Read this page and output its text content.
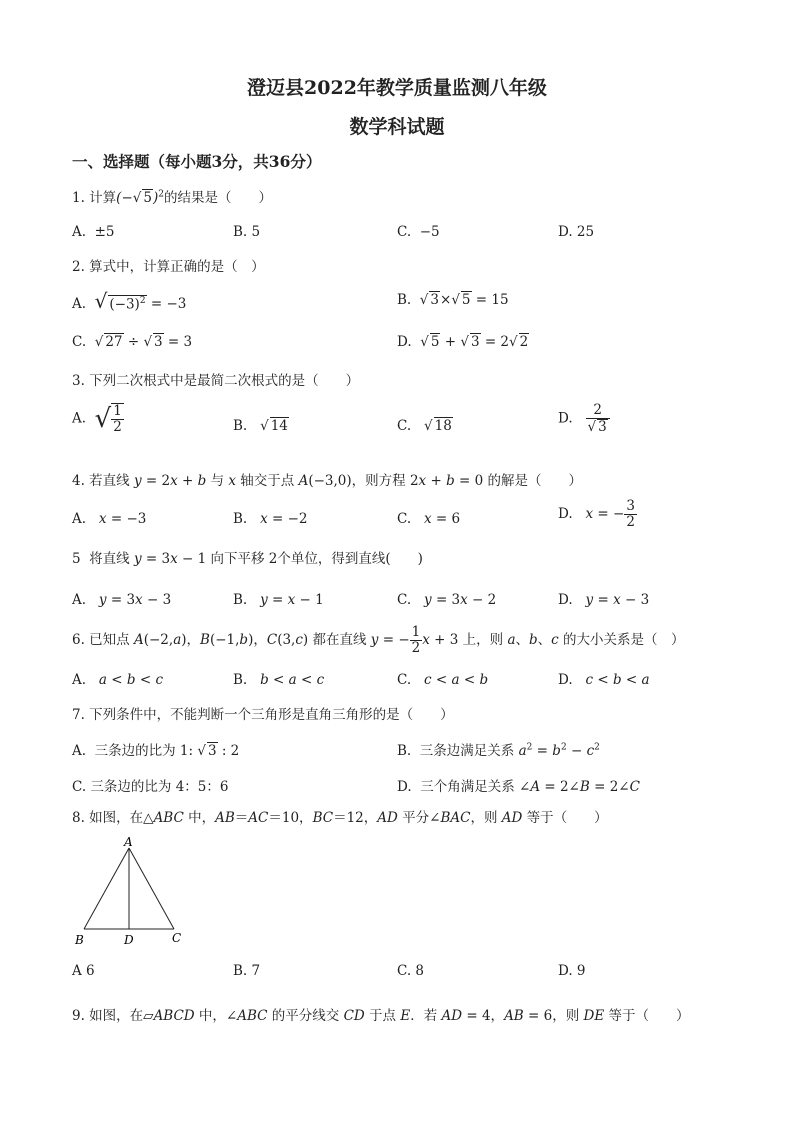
澄迈县2022年教学质量监测八年级
数学科试题
一、选择题（每小题3分，共36分）
1. 计算(−√ 5)$^2$的结果是（　　）
A.  ±5	B. 5	C.  −5	D. 25
2. 算式中，计算正确的是（　）
A.  √ $(-3)^2 = -3$	B.  √ 3×√ 5 = 15
C.  √ 27 ÷ √ 3 = 3	D.  √ 5 + √ 3 = 2√ 2
3. 下列二次根式中是最简二次根式的是（　　）
A.  √ $\frac{1}{2}$	B.   √ 14	C.   √ 18	D. $\frac{2}{√ 3}$
4. 若直线 y = 2x + b 与 x 轴交于点 A(−3,0)，则方程 2x + b = 0 的解是（　　）
A.   x = −3	B.   x = −2	C.   x = 6	D.   x = − $\frac{3}{2}$
5  将直线 y = 3x − 1 向下平移 2个单位，得到直线(　　)
A.   y = 3x − 3	B.   y = x − 1	C.   y = 3x − 2	D.   y = x − 3
6. 已知点 A(−2,a)，B(−1,b)，C(3,c) 都在直线 y = − $\frac{1}{2}$ x + 3 上，则 a、b、c 的大小关系是（　）
A.   a < b < c	B.   b < a < c	C.   c < a < b	D.   c < b < a
7. 下列条件中，不能判断一个三角形是直角三角形的是（　　）
A.  三条边的比为 1: √ 3 : 2	B.  三条边满足关系 $a^2 = b^2 - c^2$
C. 三条边的比为 4：5：6	D.  三个角满足关系 ∠A = 2∠B = 2∠C
8. 如图，在△ABC 中，AB＝AC＝10，BC＝12，AD 平分∠BAC，则 AD 等于（　　）
A
B	D	C
A 6	B. 7	C. 8	D. 9
9. 如图，在▱ABCD 中，∠ABC 的平分线交 CD 于点 E．若 AD = 4，AB = 6，则 DE 等于（　　）
